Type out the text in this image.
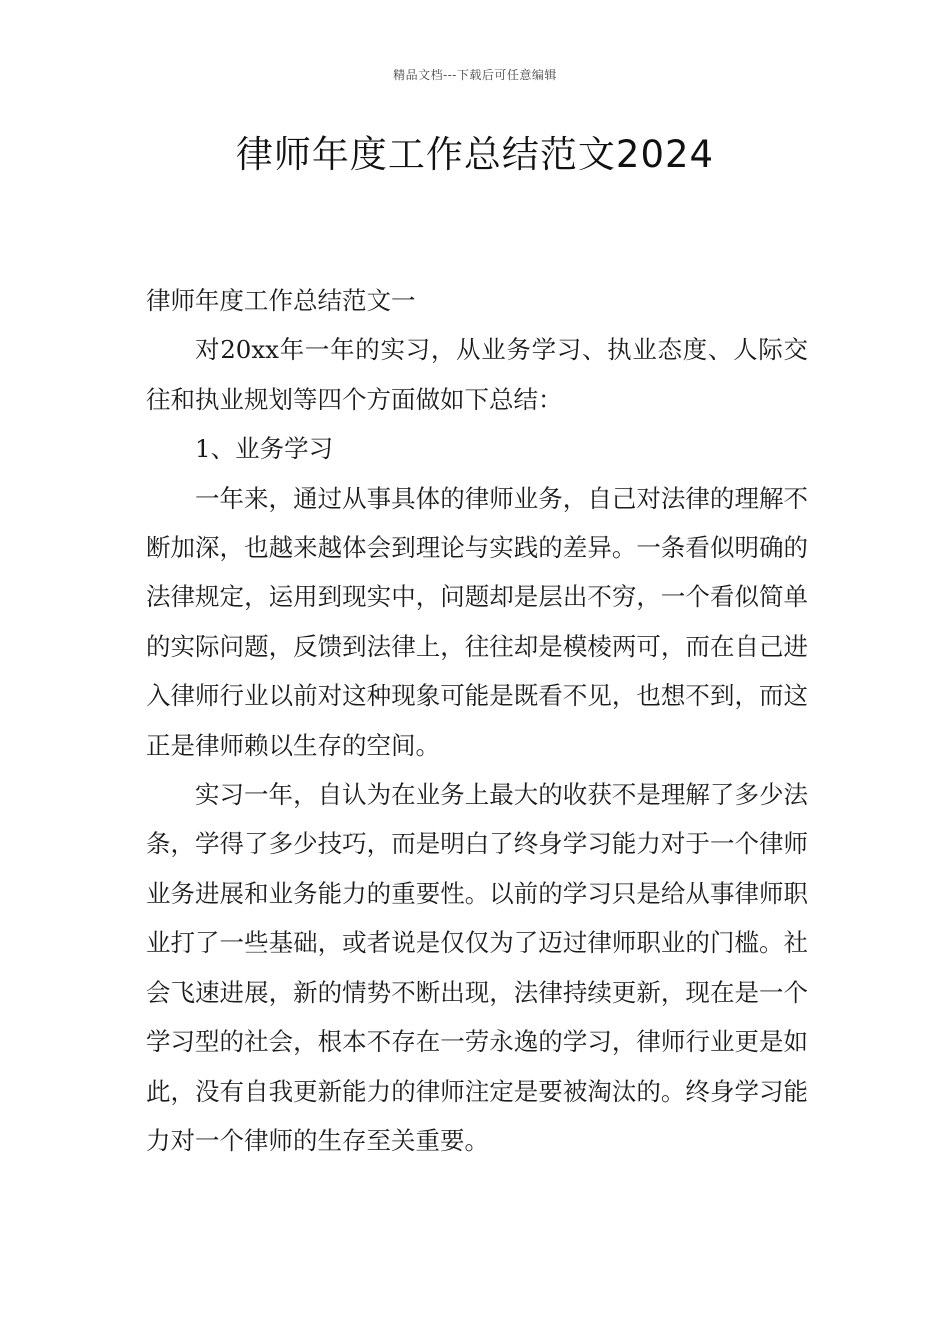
精品文档---下载后可任意编辑
律师年度工作总结范文2024

律师年度工作总结范文一

对20xx年一年的实习，从业务学习、执业态度、人际交往和执业规划等四个方面做如下总结：

1、业务学习

一年来，通过从事具体的律师业务，自己对法律的理解不断加深，也越来越体会到理论与实践的差异。一条看似明确的法律规定，运用到现实中，问题却是层出不穷，一个看似简单的实际问题，反馈到法律上，往往却是模棱两可，而在自己进入律师行业以前对这种现象可能是既看不见，也想不到，而这正是律师赖以生存的空间。

实习一年，自认为在业务上最大的收获不是理解了多少法条，学得了多少技巧，而是明白了终身学习能力对于一个律师业务进展和业务能力的重要性。以前的学习只是给从事律师职业打了一些基础，或者说是仅仅为了迈过律师职业的门槛。社会飞速进展，新的情势不断出现，法律持续更新，现在是一个学习型的社会，根本不存在一劳永逸的学习，律师行业更是如此，没有自我更新能力的律师注定是要被淘汰的。终身学习能力对一个律师的生存至关重要。
